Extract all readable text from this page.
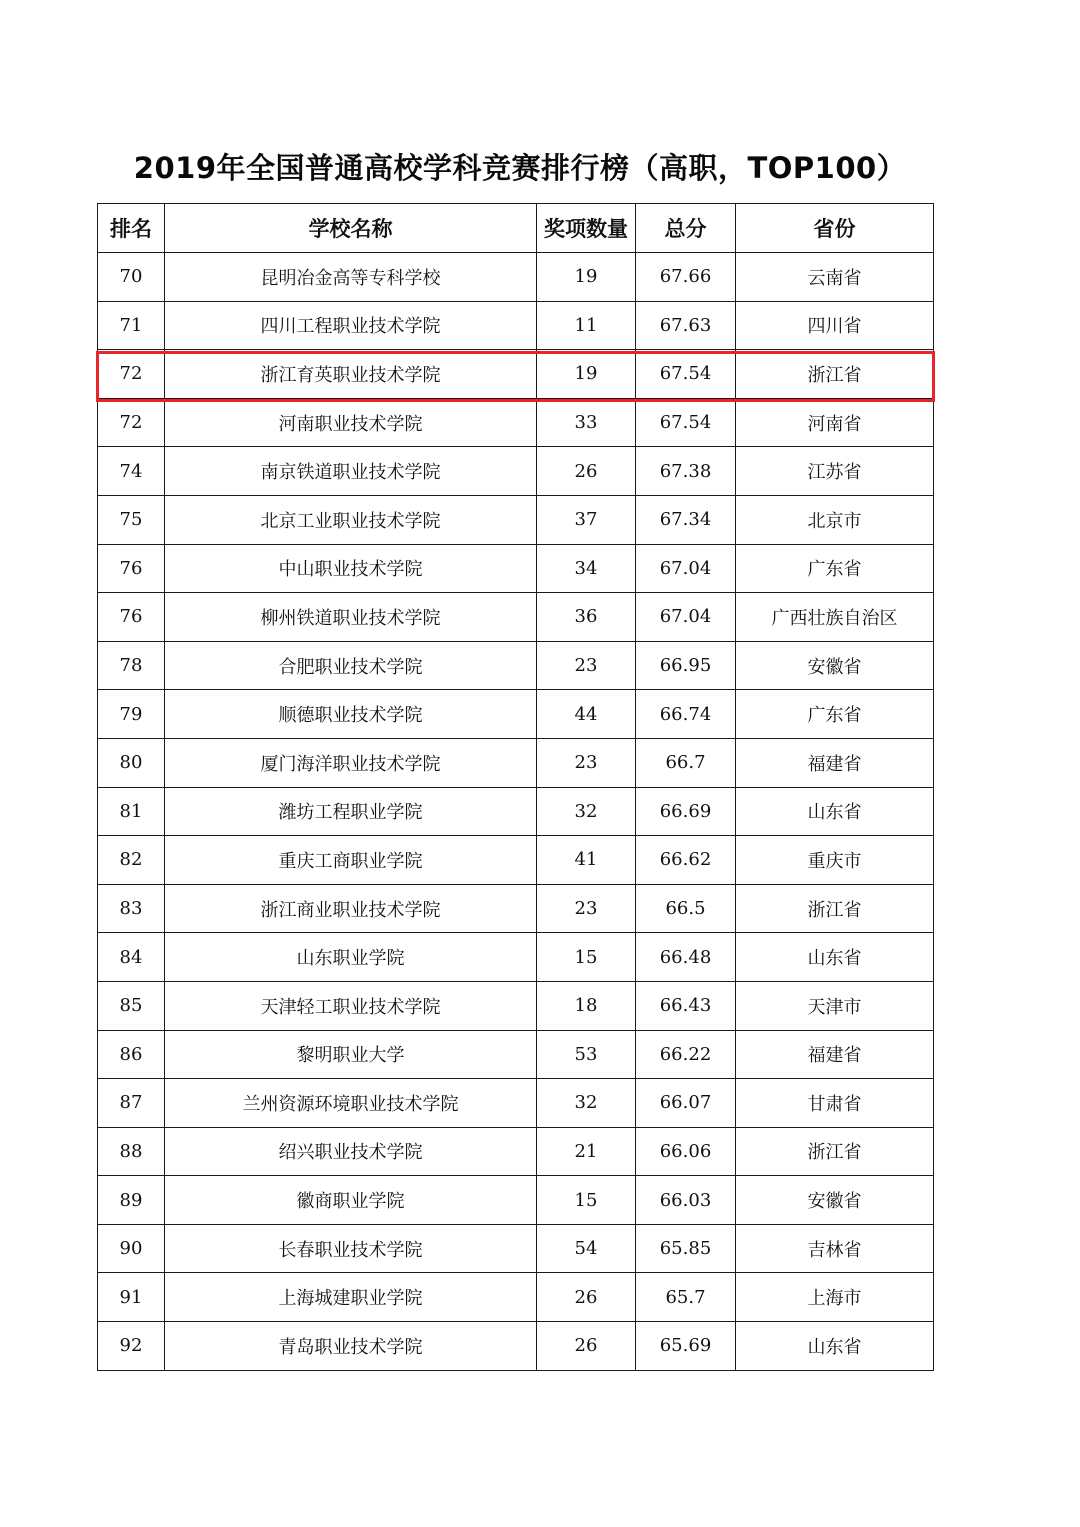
2019年全国普通高校学科竞赛排行榜（高职，TOP100）
排名	学校名称	奖项数量	总分	省份
70	昆明冶金高等专科学校	19	67.66	云南省
71	四川工程职业技术学院	11	67.63	四川省
72	浙江育英职业技术学院	19	67.54	浙江省
72	河南职业技术学院	33	67.54	河南省
74	南京铁道职业技术学院	26	67.38	江苏省
75	北京工业职业技术学院	37	67.34	北京市
76	中山职业技术学院	34	67.04	广东省
76	柳州铁道职业技术学院	36	67.04	广西壮族自治区
78	合肥职业技术学院	23	66.95	安徽省
79	顺德职业技术学院	44	66.74	广东省
80	厦门海洋职业技术学院	23	66.7	福建省
81	潍坊工程职业学院	32	66.69	山东省
82	重庆工商职业学院	41	66.62	重庆市
83	浙江商业职业技术学院	23	66.5	浙江省
84	山东职业学院	15	66.48	山东省
85	天津轻工职业技术学院	18	66.43	天津市
86	黎明职业大学	53	66.22	福建省
87	兰州资源环境职业技术学院	32	66.07	甘肃省
88	绍兴职业技术学院	21	66.06	浙江省
89	徽商职业学院	15	66.03	安徽省
90	长春职业技术学院	54	65.85	吉林省
91	上海城建职业学院	26	65.7	上海市
92	青岛职业技术学院	26	65.69	山东省
